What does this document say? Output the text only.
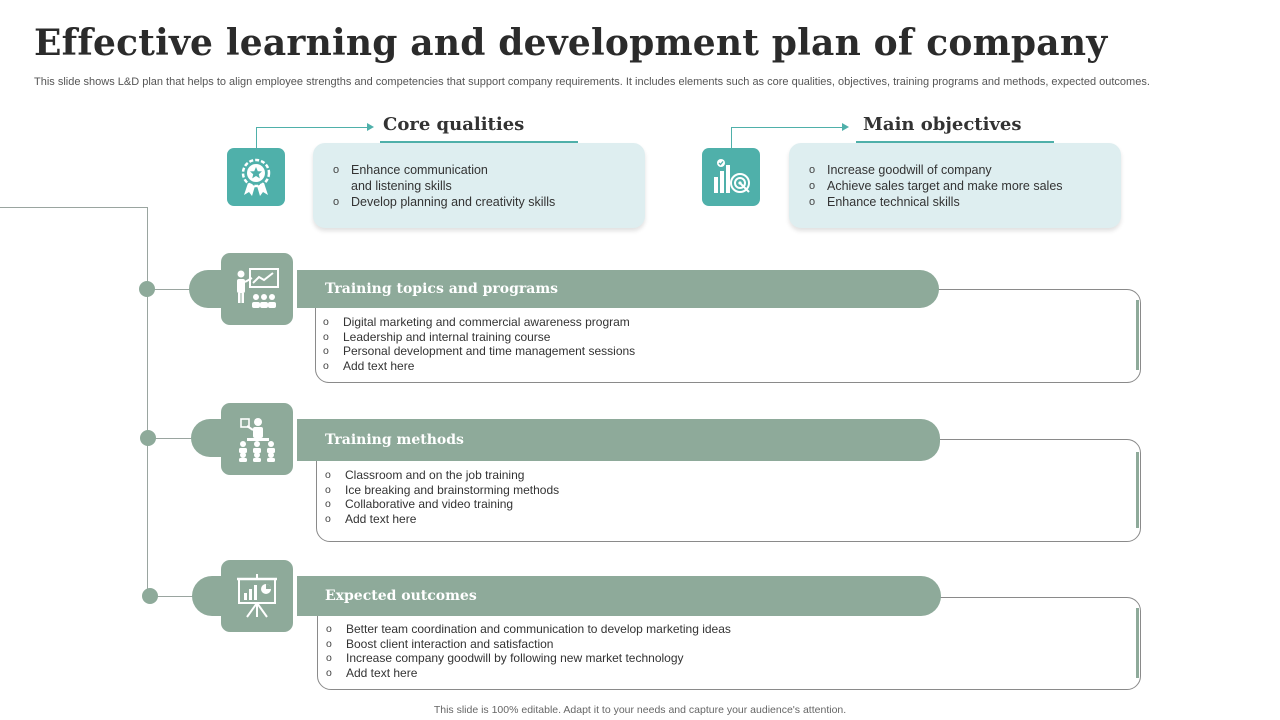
Effective learning and development plan of company
This slide shows L&D plan that helps to align employee strengths and competencies that support company requirements. It includes elements such as core qualities, objectives, training programs and methods, expected outcomes.
Core qualities
o Enhance communication
and listening skills
o Develop planning and creativity skills
Main objectives
o Increase goodwill of company
o Achieve sales target and make more sales
o Enhance technical skills
Training topics and programs
o Digital marketing and commercial awareness program
o Leadership and internal training course
o Personal development and time management sessions
o Add text here
Training methods
o Classroom and on the job training
o Ice breaking and brainstorming methods
o Collaborative and video training
o Add text here
Expected outcomes
o Better team coordination and communication to develop marketing ideas
o Boost client interaction and satisfaction
o Increase company goodwill by following new market technology
o Add text here
This slide is 100% editable. Adapt it to your needs and capture your audience's attention.
